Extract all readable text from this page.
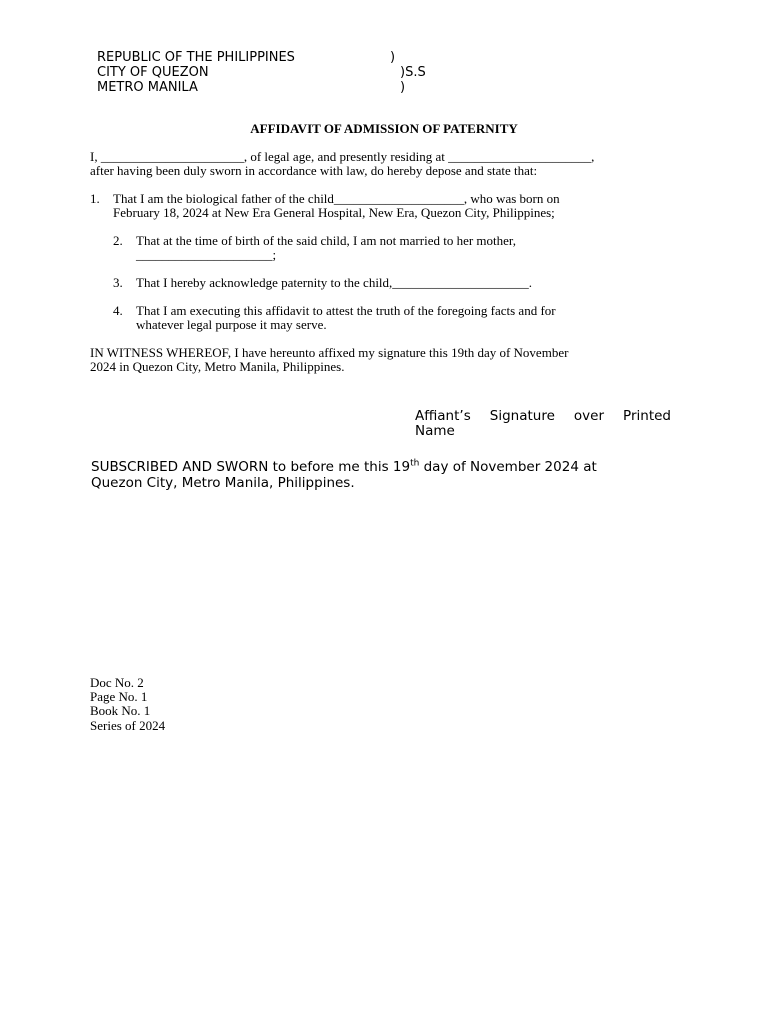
REPUBLIC OF THE PHILIPPINES	)
CITY OF QUEZON	)S.S
METRO MANILA	)
AFFIDAVIT OF ADMISSION OF PATERNITY
I, ______________________, of legal age, and presently residing at ______________________,
after having been duly sworn in accordance with law, do hereby depose and state that:
1. That I am the biological father of the child____________________, who was born on
February 18, 2024 at New Era General Hospital, New Era, Quezon City, Philippines;
2. That at the time of birth of the said child, I am not married to her mother,
_____________________;
3. That I hereby acknowledge paternity to the child,_____________________.
4. That I am executing this affidavit to attest the truth of the foregoing facts and for
whatever legal purpose it may serve.
IN WITNESS WHEREOF, I have hereunto affixed my signature this 19th day of November
2024 in Quezon City, Metro Manila, Philippines.
Affiant’s Signature over Printed
Name
SUBSCRIBED AND SWORN to before me this 19th day of November 2024 at
Quezon City, Metro Manila, Philippines.
Doc No. 2
Page No. 1
Book No. 1
Series of 2024
